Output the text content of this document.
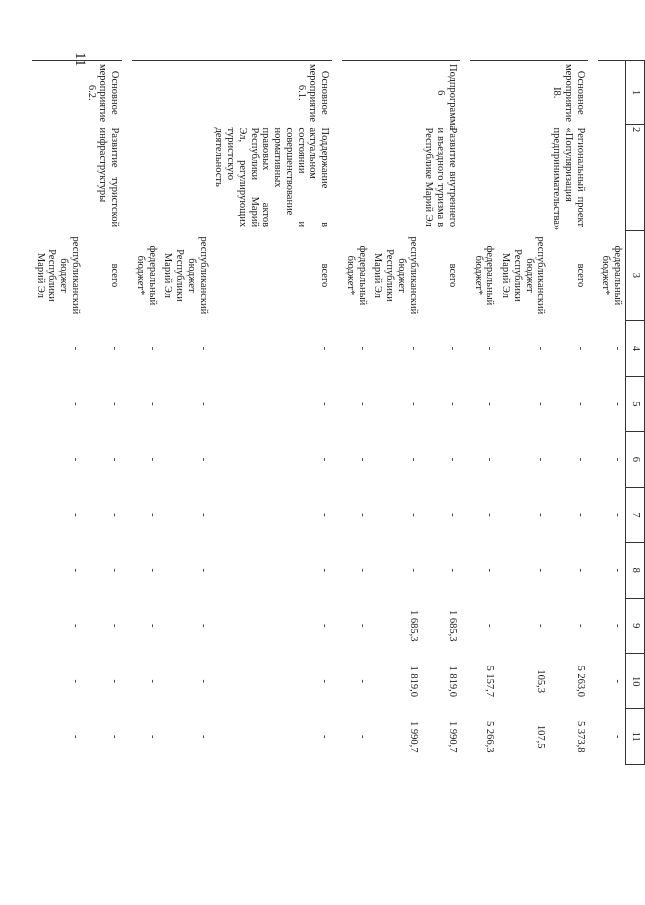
11
1	2	3	4	5	6	7	8	9	10	11
		федеральный бюджет*	-	-	-	-	-	-	-	-

Основное мероприятие I8.	Региональный проект «Популяризация предпринимательства»	всего	-	-	-	-	-	-	5 263,0	5 373,8
		республиканский бюджет Республики Марий Эл	-	-	-	-	-	-	105,3	107,5
		федеральный бюджет*	-	-	-	-	-	-	5 157,7	5 266,3

Подпрограмма 6	Развитие внутреннего и въездного туризма в Республике Марий Эл	всего	-	-	-	-	-	1 685,3	1 819,0	1 990,7
		республиканский бюджет Республики Марий Эл	-	-	-	-	-	1 685,3	1 819,0	1 990,7
		федеральный бюджет*	-	-	-	-	-	-	-	-

Основное мероприятие 6.1.	Поддержание в актуальном состоянии и совершенствование нормативных правовых актов Республики Марий Эл, регулирующих туристскую деятельность	всего	-	-	-	-	-	-	-	-
		республиканский бюджет Республики Марий Эл	-	-	-	-	-	-	-	-
		федеральный бюджет*	-	-	-	-	-	-	-	-

Основное мероприятие 6.2.	Развитие туристской инфраструктуры	всего	-	-	-	-	-	-	-	-
		республиканский бюджет Республики Марий Эл	-	-	-	-	-	-	-	-
